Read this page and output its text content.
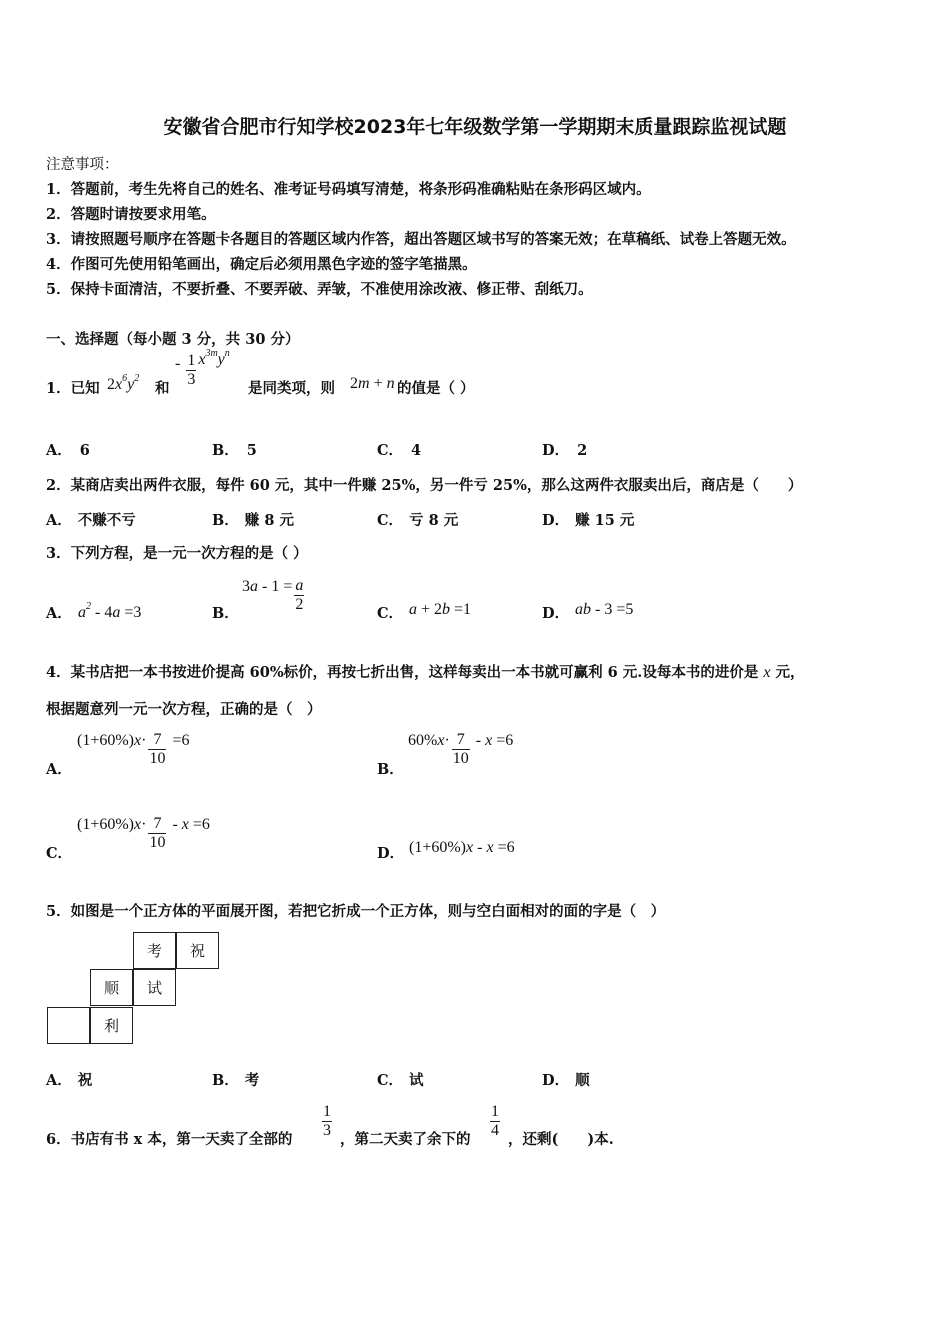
安徽省合肥市行知学校2023年七年级数学第一学期期末质量跟踪监视试题
注意事项：
1．答题前，考生先将自己的姓名、准考证号码填写清楚，将条形码准确粘贴在条形码区域内。
2．答题时请按要求用笔。
3．请按照题号顺序在答题卡各题目的答题区域内作答，超出答题区域书写的答案无效；在草稿纸、试卷上答题无效。
4．作图可先使用铅笔画出，确定后必须用黑色字迹的签字笔描黑。
5．保持卡面清洁，不要折叠、不要弄破、弄皱，不准使用涂改液、修正带、刮纸刀。
一、选择题（每小题 3 分，共 30 分）
1．已知 $2x^6y^2$
和
- $\frac{1}{3} x^{3m}y^n$
是同类项，则 2m + n 的值是（ ）
A． 6	B． 5	C． 4	D． 2
2．某商店卖出两件衣服，每件 60 元，其中一件赚 25%，另一件亏 25%，那么这两件衣服卖出后，商店是（　　）
A． 不赚不亏	B． 赚 8 元	C． 亏 8 元	D． 赚 15 元
3．下列方程，是一元一次方程的是（ ）
A． $a^2 - 4a =3$	B．
$3a - 1 = \frac{a}{2}$	C． a + 2b =1	D． ab - 3 =5
4．某书店把一本书按进价提高 60%标价，再按七折出售，这样每卖出一本书就可赢利 6 元.设每本书的进价是 x 元，
根据题意列一元一次方程，正确的是（　）
A．
$(1+60\%)x\cdot \frac{7}{10} =6$
B．
$60\%x\cdot \frac{7}{10} - x =6$
C．
$(1+60\%)x\cdot \frac{7}{10} - x =6$
D． (1+60%)x - x =6
5．如图是一个正方体的平面展开图，若把它折成一个正方体，则与空白面相对的面的字是（　）
考	祝
顺	试
利
A． 祝	B． 考	C． 试	D． 顺
6．书店有书 x 本，第一天卖了全部的 $\frac{1}{3}$ ，第二天卖了余下的 $\frac{1}{4}$ ，还剩(　　)本.
